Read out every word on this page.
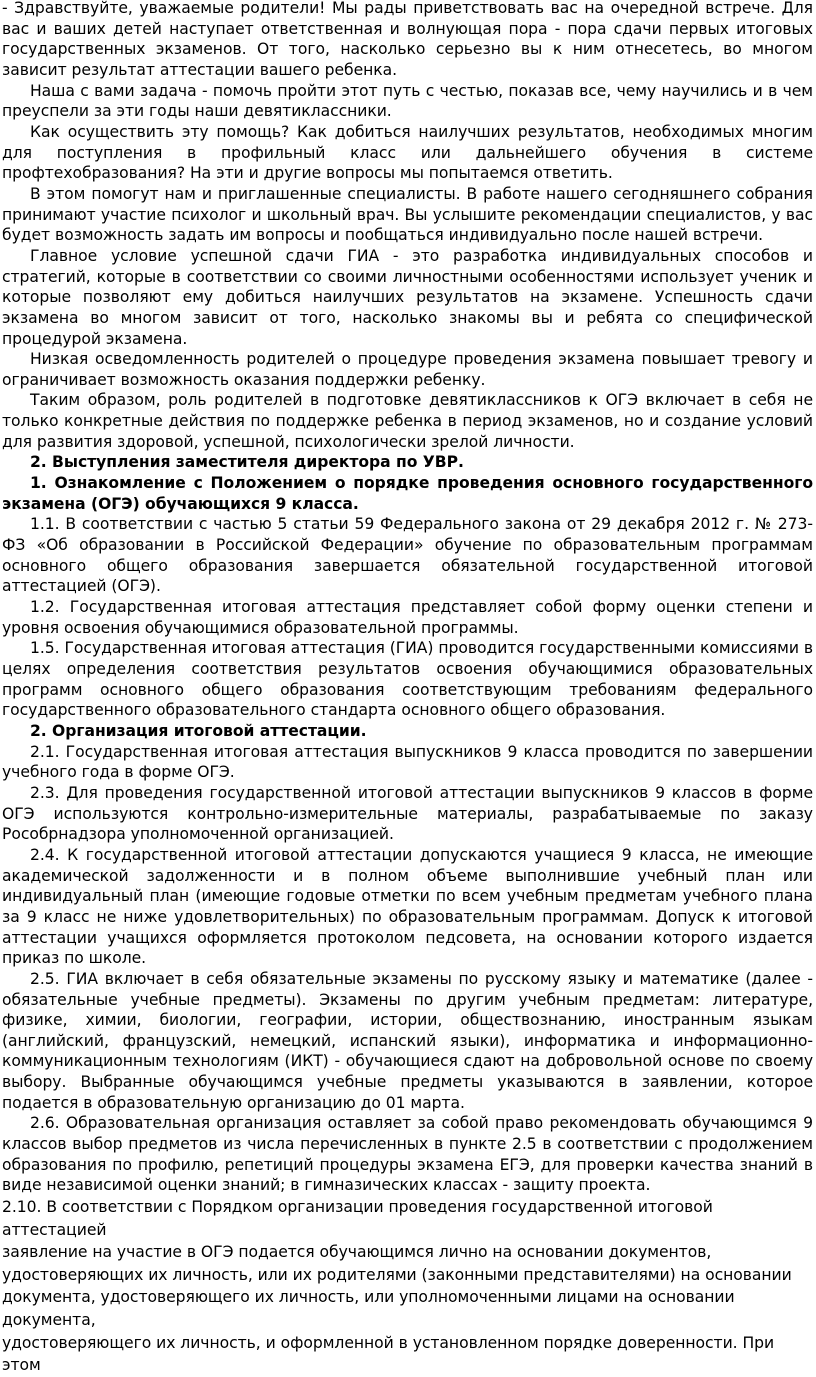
- Здравствуйте, уважаемые родители! Мы рады приветствовать вас на очередной встрече. Для вас и ваших детей наступает ответственная и волнующая пора - пора сдачи первых итоговых государственных экзаменов. От того, насколько серьезно вы к ним отнесетесь, во многом зависит результат аттестации вашего ребенка.

Наша с вами задача - помочь пройти этот путь с честью, показав все, чему научились и в чем преуспели за эти годы наши девятиклассники.

Как осуществить эту помощь? Как добиться наилучших результатов, необходимых многим для поступления в профильный класс или дальнейшего обучения в системе профтехобразования? На эти и другие вопросы мы попытаемся ответить.

В этом помогут нам и приглашенные специалисты. В работе нашего сегодняшнего собрания принимают участие психолог и школьный врач. Вы услышите рекомендации специалистов, у вас будет возможность задать им вопросы и пообщаться индивидуально после нашей встречи.

Главное условие успешной сдачи ГИА - это разработка индивидуальных способов и стратегий, которые в соответствии со своими личностными особенностями использует ученик и которые позволяют ему добиться наилучших результатов на экзамене. Успешность сдачи экзамена во многом зависит от того, насколько знакомы вы и ребята со специфической процедурой экзамена.

Низкая осведомленность родителей о процедуре проведения экзамена повышает тревогу и ограничивает возможность оказания поддержки ребенку.

Таким образом, роль родителей в подготовке девятиклассников к ОГЭ включает в себя не только конкретные действия по поддержке ребенка в период экзаменов, но и создание условий для развития здоровой, успешной, психологически зрелой личности.

2. Выступления заместителя директора по УВР.

1. Ознакомление с Положением о порядке проведения основного государственного экзамена (ОГЭ) обучающихся 9 класса.

1.1. В соответствии с частью 5 статьи 59 Федерального закона от 29 декабря 2012 г. № 273-ФЗ «Об образовании в Российской Федерации» обучение по образовательным программам основного общего образования завершается обязательной государственной итоговой аттестацией (ОГЭ).

1.2. Государственная итоговая аттестация представляет собой форму оценки степени и уровня освоения обучающимися образовательной программы.

1.5. Государственная итоговая аттестация (ГИА) проводится государственными комиссиями в целях определения соответствия результатов освоения обучающимися образовательных программ основного общего образования соответствующим требованиям федерального государственного образовательного стандарта основного общего образования.

2. Организация итоговой аттестации.

2.1. Государственная итоговая аттестация выпускников 9 класса проводится по завершении учебного года в форме ОГЭ.

2.3. Для проведения государственной итоговой аттестации выпускников 9 классов в форме ОГЭ используются контрольно-измерительные материалы, разрабатываемые по заказу Рособрнадзора уполномоченной организацией.

2.4. К государственной итоговой аттестации допускаются учащиеся 9 класса, не имеющие академической задолженности и в полном объеме выполнившие учебный план или индивидуальный план (имеющие годовые отметки по всем учебным предметам учебного плана за 9 класс не ниже удовлетворительных) по образовательным программам. Допуск к итоговой аттестации учащихся оформляется протоколом педсовета, на основании которого издается приказ по школе.

2.5. ГИА включает в себя обязательные экзамены по русскому языку и математике (далее - обязательные учебные предметы). Экзамены по другим учебным предметам: литературе, физике, химии, биологии, географии, истории, обществознанию, иностранным языкам (английский, французский, немецкий, испанский языки), информатика и информационно-коммуникационным технологиям (ИКТ) - обучающиеся сдают на добровольной основе по своему выбору. Выбранные обучающимся учебные предметы указываются в заявлении, которое подается в образовательную организацию до 01 марта.

2.6. Образовательная организация оставляет за собой право рекомендовать обучающимся 9 классов выбор предметов из числа перечисленных в пункте 2.5 в соответствии с продолжением образования по профилю, репетиций процедуры экзамена ЕГЭ, для проверки качества знаний в виде независимой оценки знаний; в гимназических классах - защиту проекта.

2.10. В соответствии с Порядком организации проведения государственной итоговой аттестацией

заявление на участие в ОГЭ подается обучающимся лично на основании документов,

удостоверяющих их личность, или их родителями (законными представителями) на основании

документа, удостоверяющего их личность, или уполномоченными лицами на основании документа,

удостоверяющего их личность, и оформленной в установленном порядке доверенности. При этом
